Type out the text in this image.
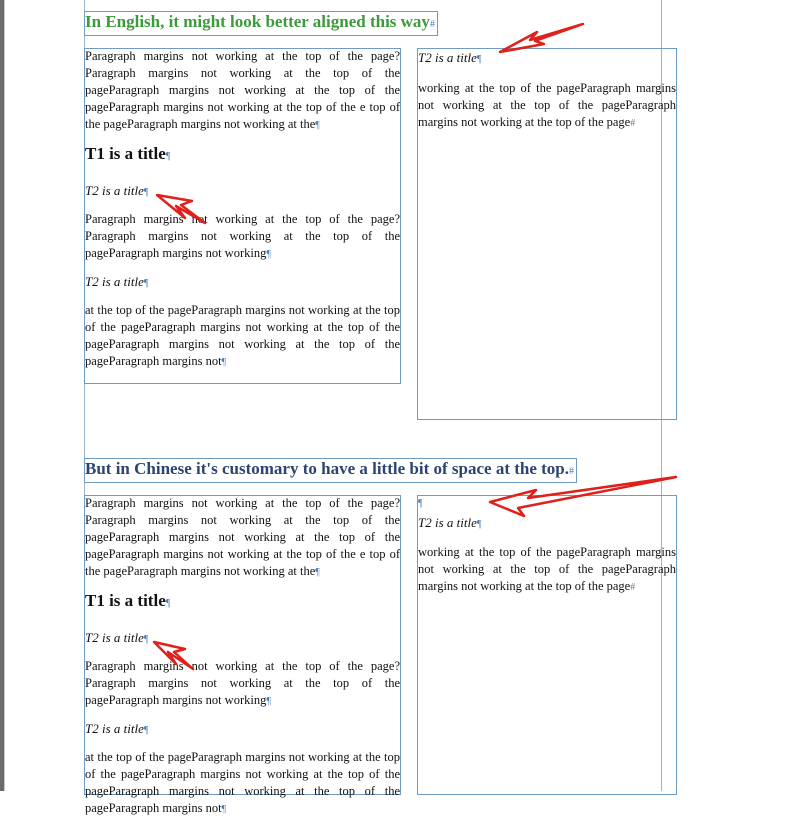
In English, it might look better aligned this way#

Paragraph margins not working at the top of the page?Paragraph margins not working at the top of the pageParagraph margins not working at the top of the pageParagraph margins not working at the top of the e top of the pageParagraph margins not working at the¶

T1 is a title¶

T2 is a title¶

Paragraph margins not working at the top of the page?Paragraph margins not working at the top of the pageParagraph margins not working¶

T2 is a title¶

at the top of the pageParagraph margins not working at the top of the pageParagraph margins not working at the top of the pageParagraph margins not working at the top of the pageParagraph margins not¶

T2 is a title¶

working at the top of the pageParagraph margins not working at the top of the pageParagraph margins not working at the top of the page#

But in Chinese it's customary to have a little bit of space at the top.#

Paragraph margins not working at the top of the page?Paragraph margins not working at the top of the pageParagraph margins not working at the top of the pageParagraph margins not working at the top of the e top of the pageParagraph margins not working at the¶

T1 is a title¶

T2 is a title¶

Paragraph margins not working at the top of the page?Paragraph margins not working at the top of the pageParagraph margins not working¶

T2 is a title¶

at the top of the pageParagraph margins not working at the top of the pageParagraph margins not working at the top of the pageParagraph margins not working at the top of the pageParagraph margins not¶

¶

T2 is a title¶

working at the top of the pageParagraph margins not working at the top of the pageParagraph margins not working at the top of the page#
